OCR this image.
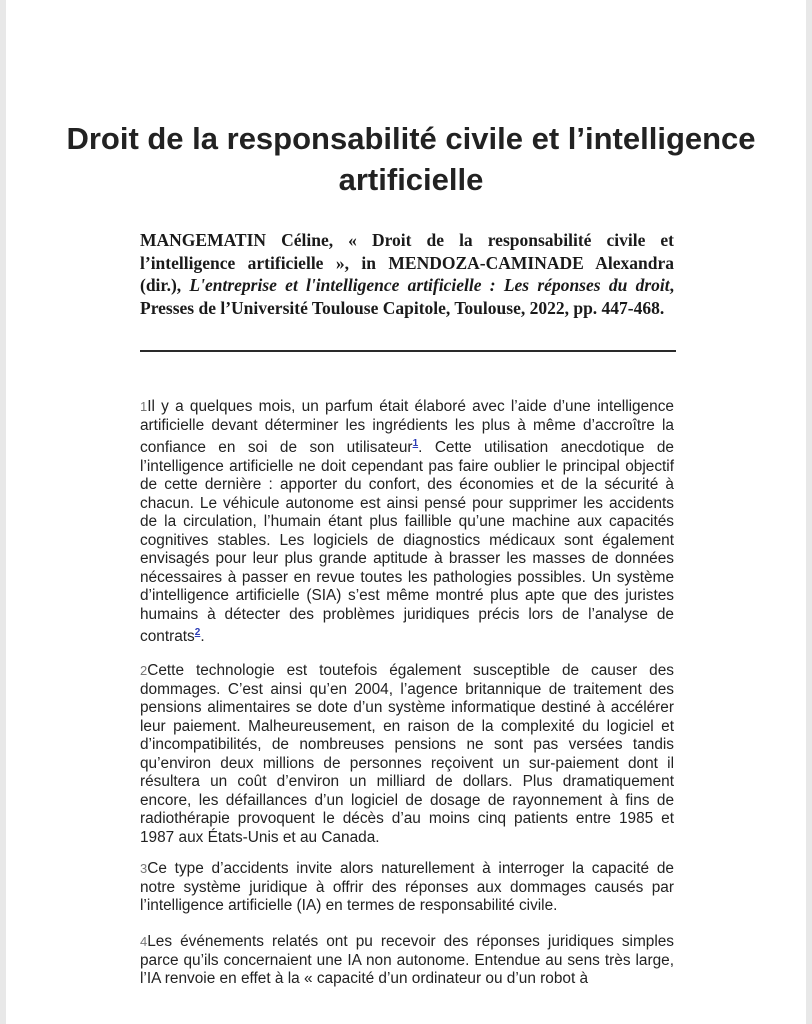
Droit de la responsabilité civile et l’intelligence artificielle

MANGEMATIN Céline, « Droit de la responsabilité civile et l’intelligence artificielle », in MENDOZA-CAMINADE Alexandra (dir.), L'entreprise et l'intelligence artificielle : Les réponses du droit, Presses de l’Université Toulouse Capitole, Toulouse, 2022, pp. 447-468.

1Il y a quelques mois, un parfum était élaboré avec l’aide d’une intelligence artificielle devant déterminer les ingrédients les plus à même d’accroître la confiance en soi de son utilisateur$^1$. Cette utilisation anecdotique de l’intelligence artificielle ne doit cependant pas faire oublier le principal objectif de cette dernière : apporter du confort, des économies et de la sécurité à chacun. Le véhicule autonome est ainsi pensé pour supprimer les accidents de la circulation, l’humain étant plus faillible qu’une machine aux capacités cognitives stables. Les logiciels de diagnostics médicaux sont également envisagés pour leur plus grande aptitude à brasser les masses de données nécessaires à passer en revue toutes les pathologies possibles. Un système d’intelligence artificielle (SIA) s’est même montré plus apte que des juristes humains à détecter des problèmes juridiques précis lors de l’analyse de contrats$^2$.

2Cette technologie est toutefois également susceptible de causer des dommages. C’est ainsi qu’en 2004, l’agence britannique de traitement des pensions alimentaires se dote d’un système informatique destiné à accélérer leur paiement. Malheureusement, en raison de la complexité du logiciel et d’incompatibilités, de nombreuses pensions ne sont pas versées tandis qu’environ deux millions de personnes reçoivent un sur-paiement dont il résultera un coût d’environ un milliard de dollars. Plus dramatiquement encore, les défaillances d’un logiciel de dosage de rayonnement à fins de radiothérapie provoquent le décès d’au moins cinq patients entre 1985 et 1987 aux États-Unis et au Canada.

3Ce type d’accidents invite alors naturellement à interroger la capacité de notre système juridique à offrir des réponses aux dommages causés par l’intelligence artificielle (IA) en termes de responsabilité civile.

4Les événements relatés ont pu recevoir des réponses juridiques simples parce qu’ils concernaient une IA non autonome. Entendue au sens très large, l’IA renvoie en effet à la « capacité d’un ordinateur ou d’un robot à
